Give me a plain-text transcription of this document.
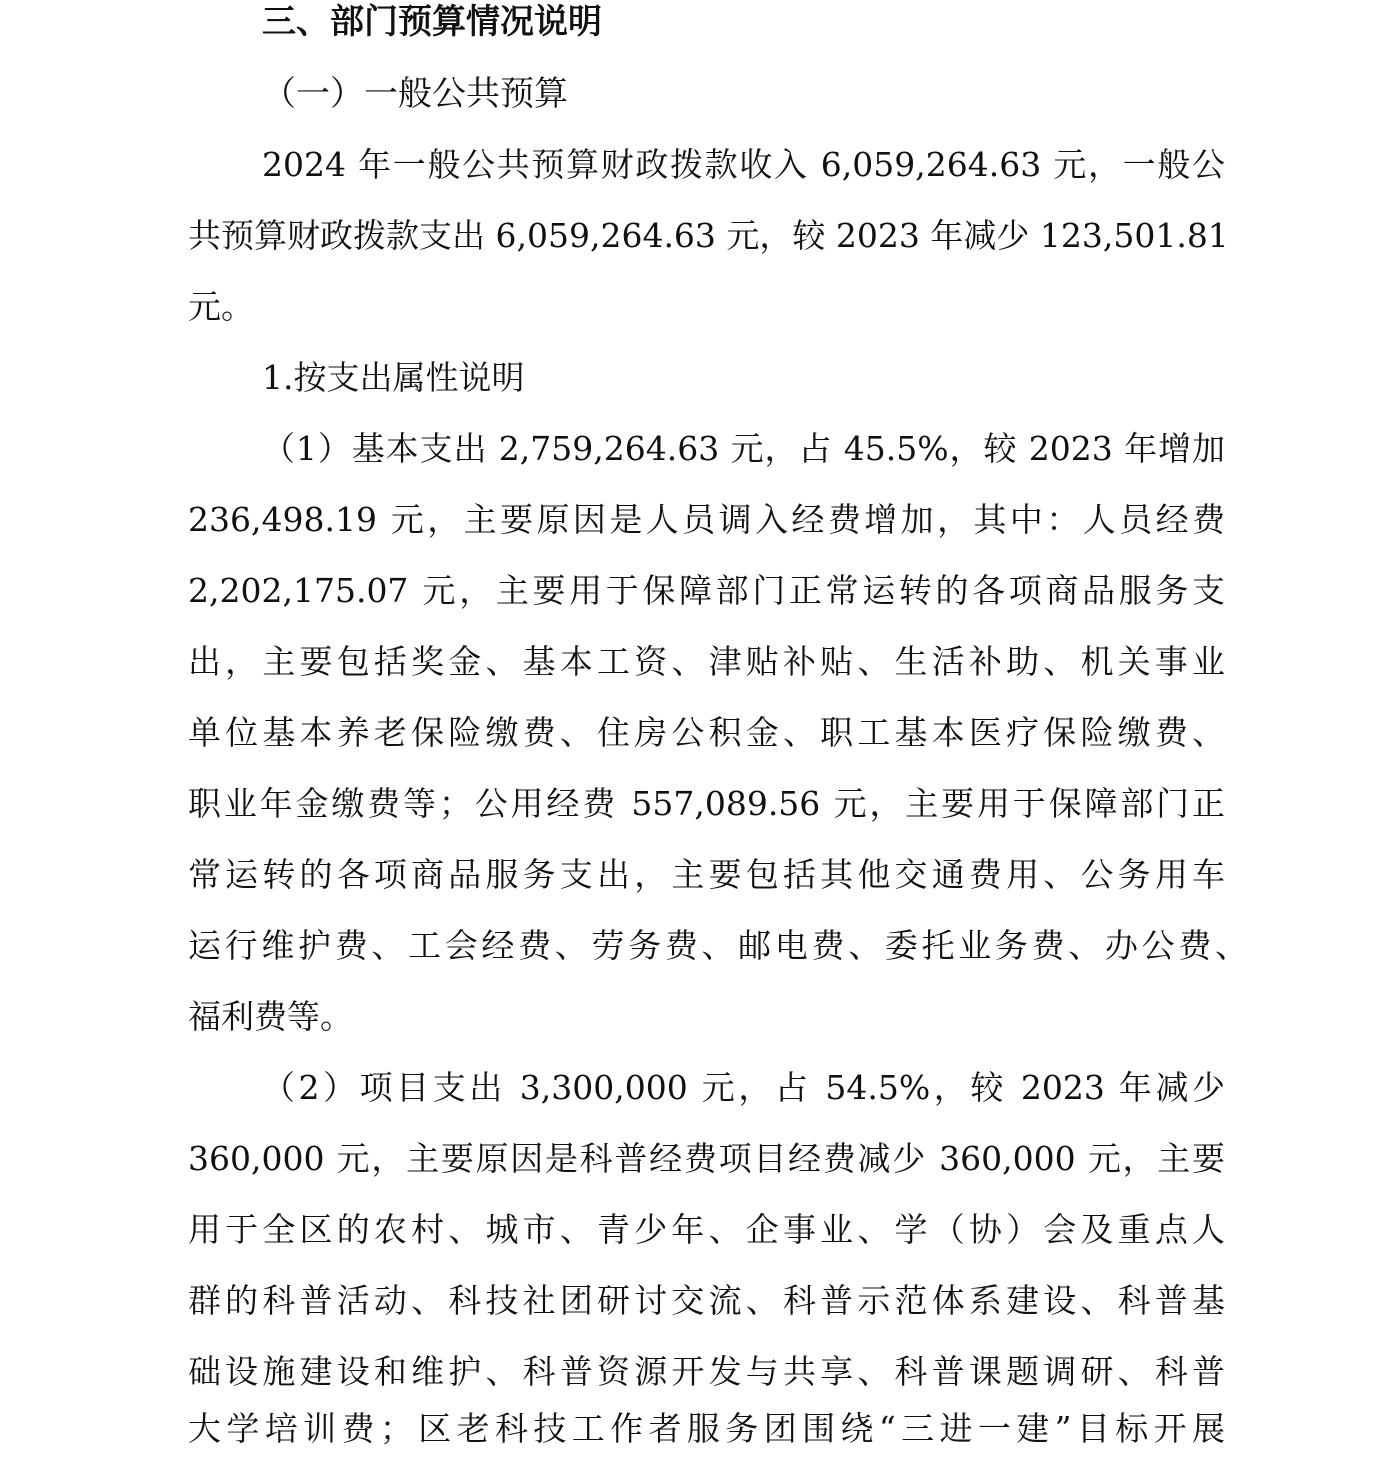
三、部门预算情况说明
（一）一般公共预算
2024 年一般公共预算财政拨款收入 6,059,264.63 元，一般公
共预算财政拨款支出 6,059,264.63 元，较 2023 年减少 123,501.81
元。
1.按支出属性说明
（1）基本支出 2,759,264.63 元，占 45.5%，较 2023 年增加
236,498.19 元，主要原因是人员调入经费增加，其中：人员经费
2,202,175.07 元，主要用于保障部门正常运转的各项商品服务支
出，主要包括奖金、基本工资、津贴补贴、生活补助、机关事业
单位基本养老保险缴费、住房公积金、职工基本医疗保险缴费、
职业年金缴费等；公用经费 557,089.56 元，主要用于保障部门正
常运转的各项商品服务支出，主要包括其他交通费用、公务用车
运行维护费、工会经费、劳务费、邮电费、委托业务费、办公费、
福利费等。
（2）项目支出 3,300,000 元，占 54.5%，较 2023 年减少
360,000 元，主要原因是科普经费项目经费减少 360,000 元，主要
用于全区的农村、城市、青少年、企事业、学（协）会及重点人
群的科普活动、科技社团研讨交流、科普示范体系建设、科普基
础设施建设和维护、科普资源开发与共享、科普课题调研、科普
大学培训费；区老科技工作者服务团围绕“三进一建”目标开展
